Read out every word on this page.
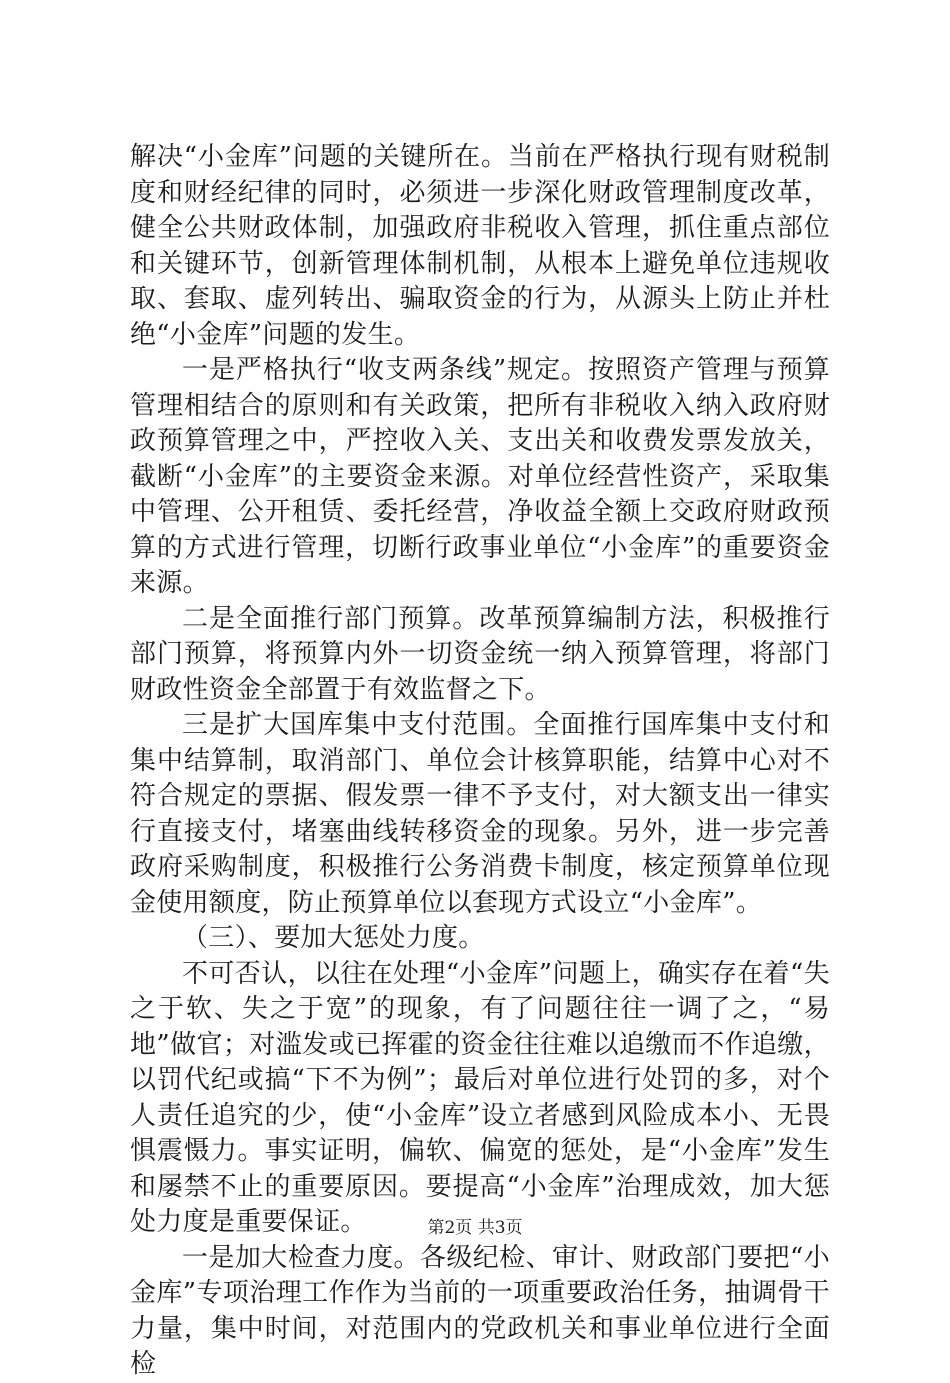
解决“小金库”问题的关键所在。当前在严格执行现有财税制度和财经纪律的同时，必须进一步深化财政管理制度改革，健全公共财政体制，加强政府非税收入管理，抓住重点部位和关键环节，创新管理体制机制，从根本上避免单位违规收取、套取、虚列转出、骗取资金的行为，从源头上防止并杜绝“小金库”问题的发生。

一是严格执行“收支两条线”规定。按照资产管理与预算管理相结合的原则和有关政策，把所有非税收入纳入政府财政预算管理之中，严控收入关、支出关和收费发票发放关，截断“小金库”的主要资金来源。对单位经营性资产，采取集中管理、公开租赁、委托经营，净收益全额上交政府财政预算的方式进行管理，切断行政事业单位“小金库”的重要资金来源。

二是全面推行部门预算。改革预算编制方法，积极推行部门预算，将预算内外一切资金统一纳入预算管理，将部门财政性资金全部置于有效监督之下。

三是扩大国库集中支付范围。全面推行国库集中支付和集中结算制，取消部门、单位会计核算职能，结算中心对不符合规定的票据、假发票一律不予支付，对大额支出一律实行直接支付，堵塞曲线转移资金的现象。另外，进一步完善政府采购制度，积极推行公务消费卡制度，核定预算单位现金使用额度，防止预算单位以套现方式设立“小金库”。

（三）、要加大惩处力度。

不可否认，以往在处理“小金库”问题上，确实存在着“失之于软、失之于宽”的现象，有了问题往往一调了之，“易地”做官；对滥发或已挥霍的资金往往难以追缴而不作追缴，以罚代纪或搞“下不为例”；最后对单位进行处罚的多，对个人责任追究的少，使“小金库”设立者感到风险成本小、无畏惧震慑力。事实证明，偏软、偏宽的惩处，是“小金库”发生和屡禁不止的重要原因。要提高“小金库”治理成效，加大惩处力度是重要保证。

一是加大检查力度。各级纪检、审计、财政部门要把“小金库”专项治理工作作为当前的一项重要政治任务，抽调骨干力量，集中时间，对范围内的党政机关和事业单位进行全面检

第2页 共3页
